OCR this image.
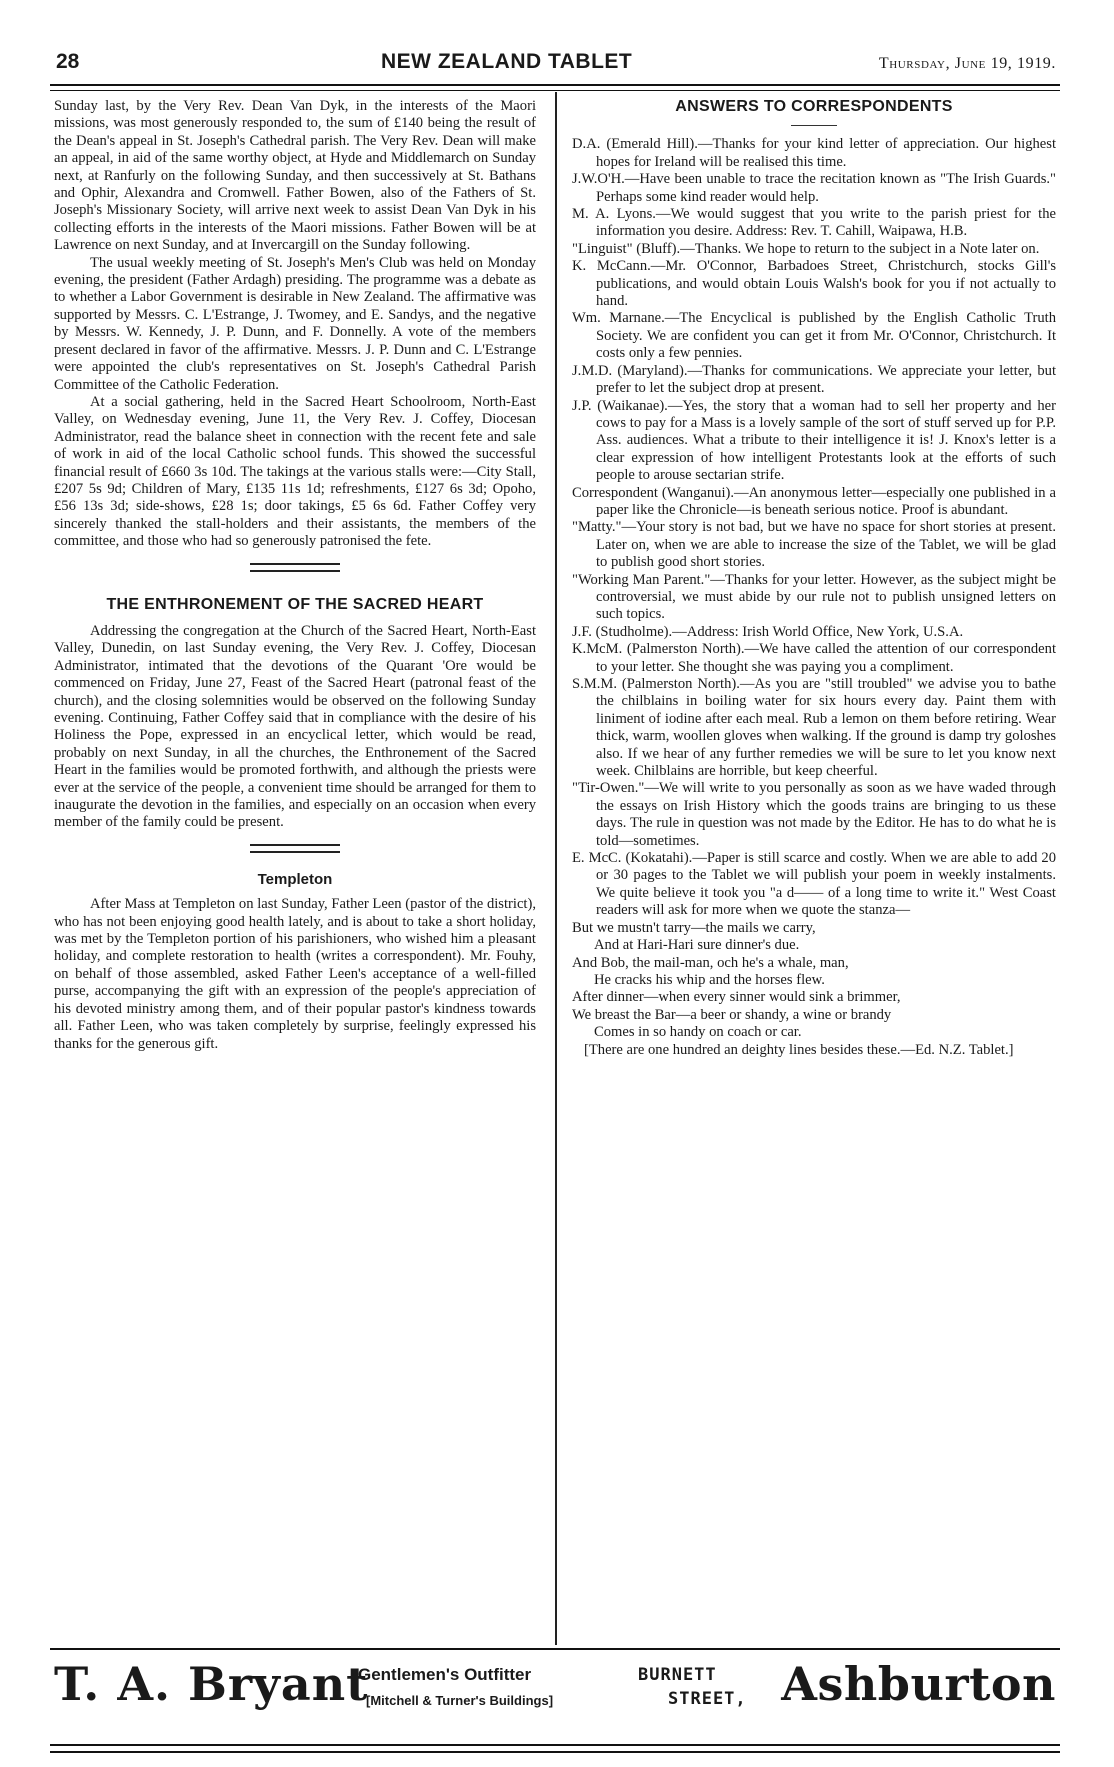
28	NEW ZEALAND TABLET	Thursday, June 19, 1919.

Sunday last, by the Very Rev. Dean Van Dyk, in the interests of the Maori missions, was most generously responded to, the sum of £140 being the result of the Dean's appeal in St. Joseph's Cathedral parish. The Very Rev. Dean will make an appeal, in aid of the same worthy object, at Hyde and Middlemarch on Sunday next, at Ranfurly on the following Sunday, and then successively at St. Bathans and Ophir, Alexandra and Cromwell. Father Bowen, also of the Fathers of St. Joseph's Missionary Society, will arrive next week to assist Dean Van Dyk in his collecting efforts in the interests of the Maori missions. Father Bowen will be at Lawrence on next Sunday, and at Invercargill on the Sunday following.

The usual weekly meeting of St. Joseph's Men's Club was held on Monday evening, the president (Father Ardagh) presiding. The programme was a debate as to whether a Labor Government is desirable in New Zealand. The affirmative was supported by Messrs. C. L'Estrange, J. Twomey, and E. Sandys, and the negative by Messrs. W. Kennedy, J. P. Dunn, and F. Donnelly. A vote of the members present declared in favor of the affirmative. Messrs. J. P. Dunn and C. L'Estrange were appointed the club's representatives on St. Joseph's Cathedral Parish Committee of the Catholic Federation.

At a social gathering, held in the Sacred Heart Schoolroom, North-East Valley, on Wednesday evening, June 11, the Very Rev. J. Coffey, Diocesan Administrator, read the balance sheet in connection with the recent fete and sale of work in aid of the local Catholic school funds. This showed the successful financial result of £660 3s 10d. The takings at the various stalls were:—City Stall, £207 5s 9d; Children of Mary, £135 11s 1d; refreshments, £127 6s 3d; Opoho, £56 13s 3d; side-shows, £28 1s; door takings, £5 6s 6d. Father Coffey very sincerely thanked the stall-holders and their assistants, the members of the committee, and those who had so generously patronised the fete.

THE ENTHRONEMENT OF THE SACRED HEART

Addressing the congregation at the Church of the Sacred Heart, North-East Valley, Dunedin, on last Sunday evening, the Very Rev. J. Coffey, Diocesan Administrator, intimated that the devotions of the Quarant 'Ore would be commenced on Friday, June 27, Feast of the Sacred Heart (patronal feast of the church), and the closing solemnities would be observed on the following Sunday evening. Continuing, Father Coffey said that in compliance with the desire of his Holiness the Pope, expressed in an encyclical letter, which would be read, probably on next Sunday, in all the churches, the Enthronement of the Sacred Heart in the families would be promoted forthwith, and although the priests were ever at the service of the people, a convenient time should be arranged for them to inaugurate the devotion in the families, and especially on an occasion when every member of the family could be present.

Templeton

After Mass at Templeton on last Sunday, Father Leen (pastor of the district), who has not been enjoying good health lately, and is about to take a short holiday, was met by the Templeton portion of his parishioners, who wished him a pleasant holiday, and complete restoration to health (writes a correspondent). Mr. Fouhy, on behalf of those assembled, asked Father Leen's acceptance of a well-filled purse, accompanying the gift with an expression of the people's appreciation of his devoted ministry among them, and of their popular pastor's kindness towards all. Father Leen, who was taken completely by surprise, feelingly expressed his thanks for the generous gift.

ANSWERS TO CORRESPONDENTS

D.A. (Emerald Hill).—Thanks for your kind letter of appreciation. Our highest hopes for Ireland will be realised this time.

J.W.O'H.—Have been unable to trace the recitation known as "The Irish Guards." Perhaps some kind reader would help.

M. A. Lyons.—We would suggest that you write to the parish priest for the information you desire. Address: Rev. T. Cahill, Waipawa, H.B.

"Linguist" (Bluff).—Thanks. We hope to return to the subject in a Note later on.

K. McCann.—Mr. O'Connor, Barbadoes Street, Christchurch, stocks Gill's publications, and would obtain Louis Walsh's book for you if not actually to hand.

Wm. Marnane.—The Encyclical is published by the English Catholic Truth Society. We are confident you can get it from Mr. O'Connor, Christchurch. It costs only a few pennies.

J.M.D. (Maryland).—Thanks for communications. We appreciate your letter, but prefer to let the subject drop at present.

J.P. (Waikanae).—Yes, the story that a woman had to sell her property and her cows to pay for a Mass is a lovely sample of the sort of stuff served up for P.P. Ass. audiences. What a tribute to their intelligence it is! J. Knox's letter is a clear expression of how intelligent Protestants look at the efforts of such people to arouse sectarian strife.

Correspondent (Wanganui).—An anonymous letter—especially one published in a paper like the Chronicle—is beneath serious notice. Proof is abundant.

"Matty."—Your story is not bad, but we have no space for short stories at present. Later on, when we are able to increase the size of the Tablet, we will be glad to publish good short stories.

"Working Man Parent."—Thanks for your letter. However, as the subject might be controversial, we must abide by our rule not to publish unsigned letters on such topics.

J.F. (Studholme).—Address: Irish World Office, New York, U.S.A.

K.McM. (Palmerston North).—We have called the attention of our correspondent to your letter. She thought she was paying you a compliment.

S.M.M. (Palmerston North).—As you are "still troubled" we advise you to bathe the chilblains in boiling water for six hours every day. Paint them with liniment of iodine after each meal. Rub a lemon on them before retiring. Wear thick, warm, woollen gloves when walking. If the ground is damp try goloshes also. If we hear of any further remedies we will be sure to let you know next week. Chilblains are horrible, but keep cheerful.

"Tir-Owen."—We will write to you personally as soon as we have waded through the essays on Irish History which the goods trains are bringing to us these days. The rule in question was not made by the Editor. He has to do what he is told—sometimes.

E. McC. (Kokatahi).—Paper is still scarce and costly. When we are able to add 20 or 30 pages to the Tablet we will publish your poem in weekly instalments. We quite believe it took you "a d—— of a long time to write it." West Coast readers will ask for more when we quote the stanza—

But we mustn't tarry—the mails we carry,

And at Hari-Hari sure dinner's due.

And Bob, the mail-man, och he's a whale, man,

He cracks his whip and the horses flew.

After dinner—when every sinner would sink a brimmer,

We breast the Bar—a beer or shandy, a wine or brandy

Comes in so handy on coach or car.

[There are one hundred an deighty lines besides these.—Ed. N.Z. Tablet.]

T. A. Bryant
Gentlemen's Outfitter
[Mitchell & Turner's Buildings]
BURNETT
STREET, Ashburton
